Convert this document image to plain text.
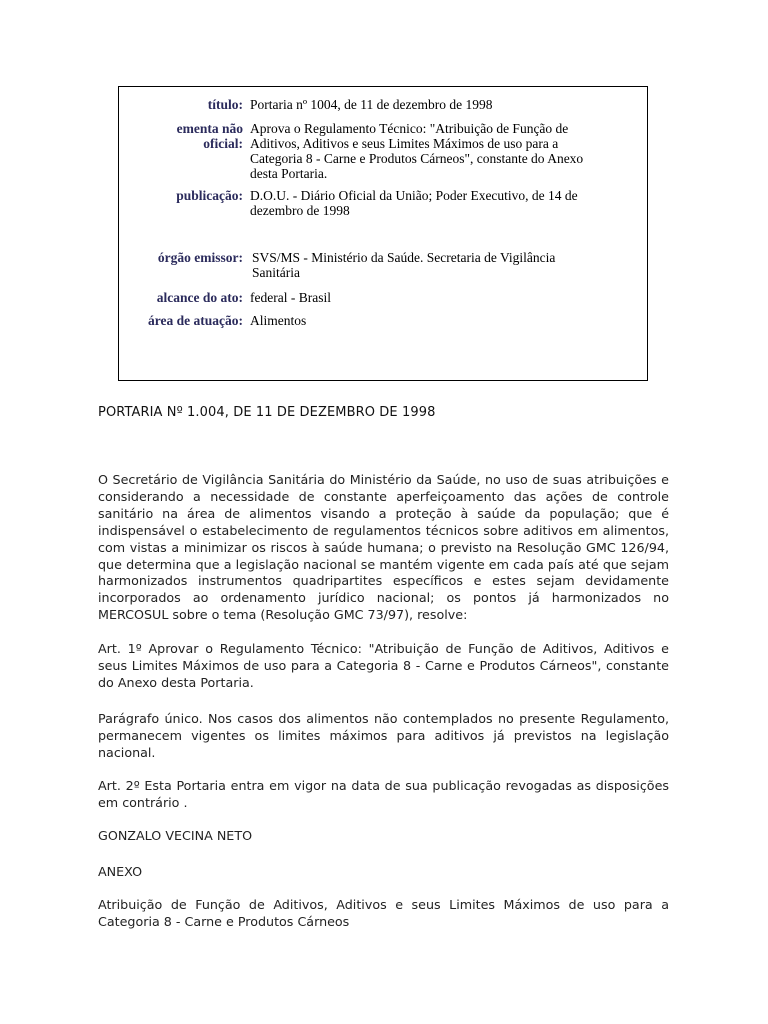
título: Portaria nº 1004, de 11 de dezembro de 1998
ementa não oficial:
Aprova o Regulamento Técnico: "Atribuição de Função de Aditivos, Aditivos e seus Limites Máximos de uso para a Categoria 8 - Carne e Produtos Cárneos", constante do Anexo desta Portaria.
publicação: D.O.U. - Diário Oficial da União; Poder Executivo, de 14 de dezembro de 1998
órgão emissor: SVS/MS - Ministério da Saúde. Secretaria de Vigilância Sanitária
alcance do ato: federal - Brasil
área de atuação: Alimentos
PORTARIA Nº 1.004, DE 11 DE DEZEMBRO DE 1998

O Secretário de Vigilância Sanitária do Ministério da Saúde, no uso de suas atribuições e considerando a necessidade de constante aperfeiçoamento das ações de controle sanitário na área de alimentos visando a proteção à saúde da população; que é indispensável o estabelecimento de regulamentos técnicos sobre aditivos em alimentos, com vistas a minimizar os riscos à saúde humana; o previsto na Resolução GMC 126/94, que determina que a legislação nacional se mantém vigente em cada país até que sejam harmonizados instrumentos quadripartites específicos e estes sejam devidamente incorporados ao ordenamento jurídico nacional; os pontos já harmonizados no MERCOSUL sobre o tema (Resolução GMC 73/97), resolve:

Art. 1º Aprovar o Regulamento Técnico: "Atribuição de Função de Aditivos, Aditivos e seus Limites Máximos de uso para a Categoria 8 - Carne e Produtos Cárneos", constante do Anexo desta Portaria.

Parágrafo único. Nos casos dos alimentos não contemplados no presente Regulamento, permanecem vigentes os limites máximos para aditivos já previstos na legislação nacional.

Art. 2º Esta Portaria entra em vigor na data de sua publicação revogadas as disposições em contrário .

GONZALO VECINA NETO

ANEXO

Atribuição de Função de Aditivos, Aditivos e seus Limites Máximos de uso para a Categoria 8 - Carne e Produtos Cárneos
